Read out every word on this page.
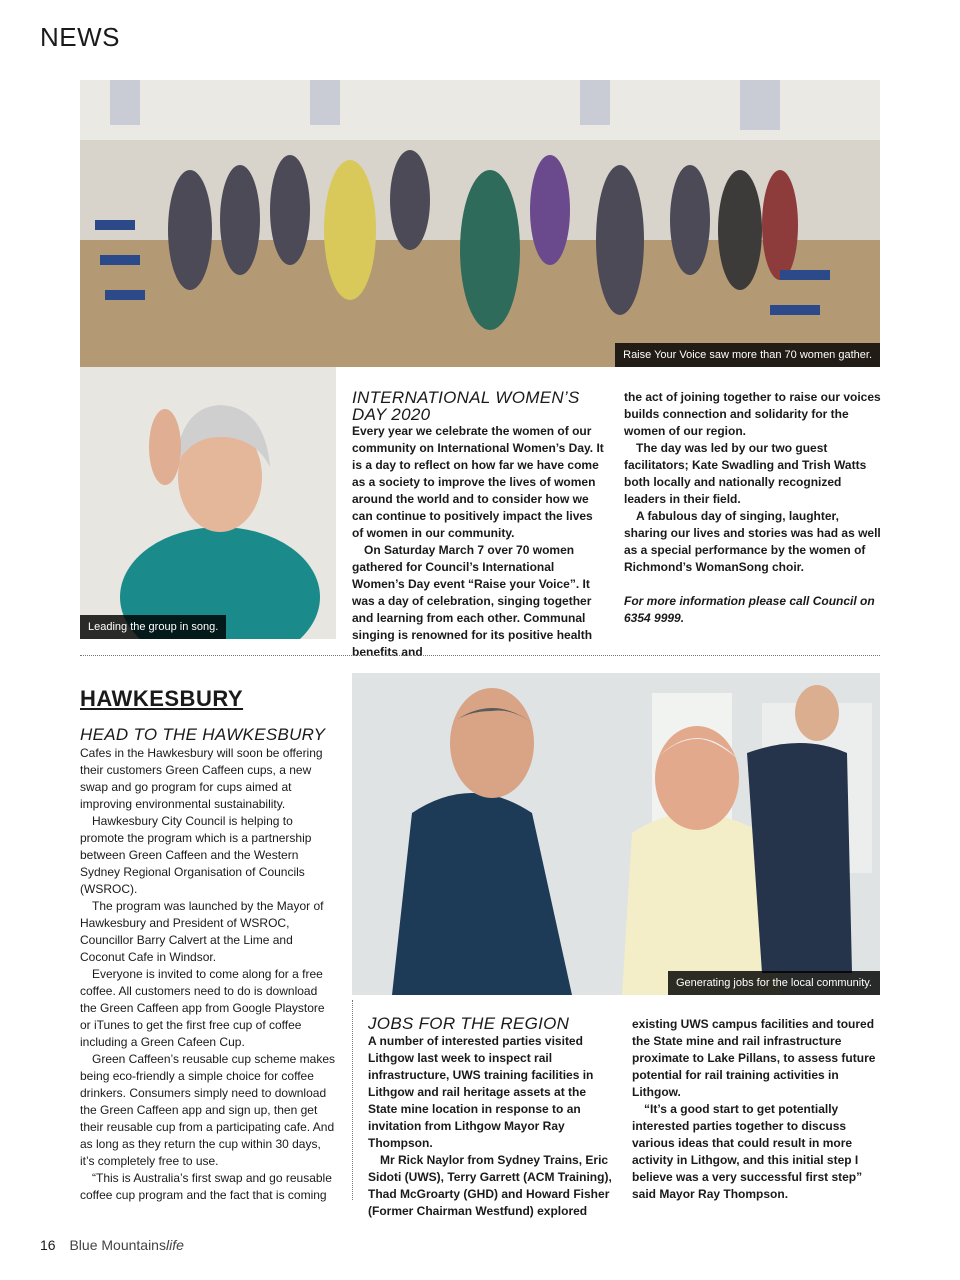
NEWS
Raise Your Voice saw more than 70 women gather.
Leading the group in song.
INTERNATIONAL WOMEN’S
DAY 2020

Every year we celebrate the women of our community on International Women’s Day. It is a day to reflect on how far we have come as a society to improve the lives of women around the world and to consider how we can continue to positively impact the lives of women in our community.

On Saturday March 7 over 70 women gathered for Council’s International Women’s Day event “Raise your Voice”. It was a day of celebration, singing together and learning from each other. Communal singing is renowned for its positive health benefits and

the act of joining together to raise our voices builds connection and solidarity for the women of our region.

The day was led by our two guest facilitators; Kate Swadling and Trish Watts both locally and nationally recognized leaders in their field.

A fabulous day of singing, laughter, sharing our lives and stories was had as well as a special performance by the women of Richmond’s WomanSong choir.

For more information please call Council on 6354 9999.

HAWKESBURY
HEAD TO THE HAWKESBURY

Cafes in the Hawkesbury will soon be offering their customers Green Caffeen cups, a new swap and go program for cups aimed at improving environmental sustainability.

Hawkesbury City Council is helping to promote the program which is a partnership between Green Caffeen and the Western Sydney Regional Organisation of Councils (WSROC).

The program was launched by the Mayor of Hawkesbury and President of WSROC, Councillor Barry Calvert at the Lime and Coconut Cafe in Windsor.

Everyone is invited to come along for a free coffee. All customers need to do is download the Green Caffeen app from Google Playstore or iTunes to get the first free cup of coffee including a Green Cafeen Cup.

Green Caffeen’s reusable cup scheme makes being eco-friendly a simple choice for coffee drinkers. Consumers simply need to download the Green Caffeen app and sign up, then get their reusable cup from a participating cafe. And as long as they return the cup within 30 days, it’s completely free to use.

“This is Australia’s first swap and go reusable coffee cup program and the fact that is coming

Generating jobs for the local community.
JOBS FOR THE REGION

A number of interested parties visited Lithgow last week to inspect rail infrastructure, UWS training facilities in Lithgow and rail heritage assets at the State mine location in response to an invitation from Lithgow Mayor Ray Thompson.

Mr Rick Naylor from Sydney Trains, Eric Sidoti (UWS), Terry Garrett (ACM Training), Thad McGroarty (GHD) and Howard Fisher (Former Chairman Westfund) explored

existing UWS campus facilities and toured the State mine and rail infrastructure proximate to Lake Pillans, to assess future potential for rail training activities in Lithgow.

“It’s a good start to get potentially interested parties together to discuss various ideas that could result in more activity in Lithgow, and this initial step I believe was a very successful first step” said Mayor Ray Thompson.

16 Blue Mountainslife
